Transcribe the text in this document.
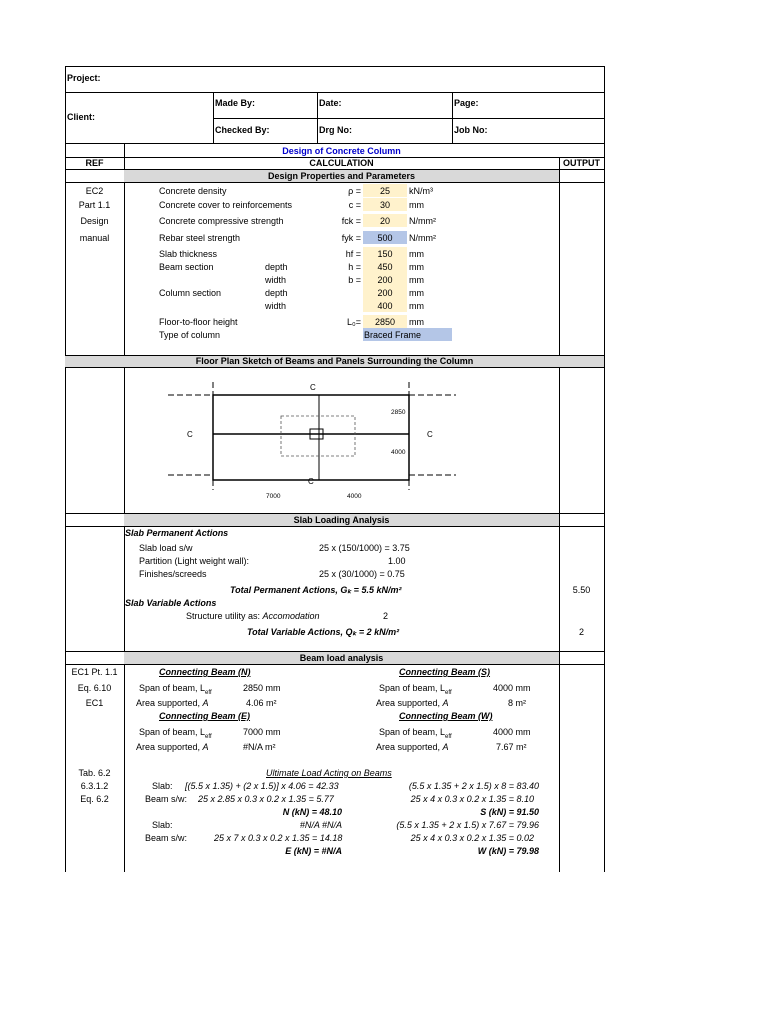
Project:
Client:
Made By:	Date:	Page:
Checked By:	Drg No:	Job No:
Design of Concrete Column
REF	CALCULATION	OUTPUT
Design Properties and Parameters
EC2
Part 1.1
Design
manual
Concrete density	ρ =	25	kN/m³
Concrete cover to reinforcements	c =	30	mm
Concrete compressive strength	fck =	20	N/mm²
Rebar steel strength	fyk =	500	N/mm²
Slab thickness	hf =	150	mm
Beam section	depth	h =	450	mm
width	b =	200	mm
Column section	depth	200	mm
width	400	mm
Floor-to-floor height	L₀=	2850	mm
Type of column	Braced Frame
Floor Plan Sketch of Beams and Panels Surrounding the Column
C
C	C
C
2850
4000
7000	4000
Slab Loading Analysis
Slab Permanent Actions
Slab load s/w	25 x (150/1000) = 3.75
Partition (Light weight wall):	1.00
Finishes/screeds	25 x (30/1000) = 0.75
Total Permanent Actions, Gₖ = 5.5 kN/m²	5.50
Slab Variable Actions
Structure utility as: Accomodation	2
Total Variable Actions, Qₖ = 2 kN/m²	2
Beam load analysis
EC1 Pt. 1.1
Eq. 6.10
EC1
Connecting Beam (N)	Connecting Beam (S)
Span of beam, $L_{eff}$	2850 mm	Span of beam, $L_{eff}$	4000 mm
Area supported, A	4.06 m²	Area supported, A	8 m²
Connecting Beam (E)	Connecting Beam (W)
Span of beam, $L_{eff}$	7000 mm	Span of beam, $L_{eff}$	4000 mm
Area supported, A	#N/A m²	Area supported, A	7.67 m²
Tab. 6.2
6.3.1.2
Eq. 6.2
Ultimate Load Acting on Beams
Slab: [(5.5 x 1.35) + (2 x 1.5)] x 4.06 = 42.33	(5.5 x 1.35 + 2 x 1.5) x 8 = 83.40
Beam s/w: 25 x 2.85 x 0.3 x 0.2 x 1.35 = 5.77	25 x 4 x 0.3 x 0.2 x 1.35 = 8.10
N (kN) = 48.10	S (kN) = 91.50
Slab:	#N/A #N/A	(5.5 x 1.35 + 2 x 1.5) x 7.67 = 79.96
Beam s/w:	25 x 7 x 0.3 x 0.2 x 1.35 = 14.18	25 x 4 x 0.3 x 0.2 x 1.35 = 0.02
E (kN) = #N/A	W (kN) = 79.98
